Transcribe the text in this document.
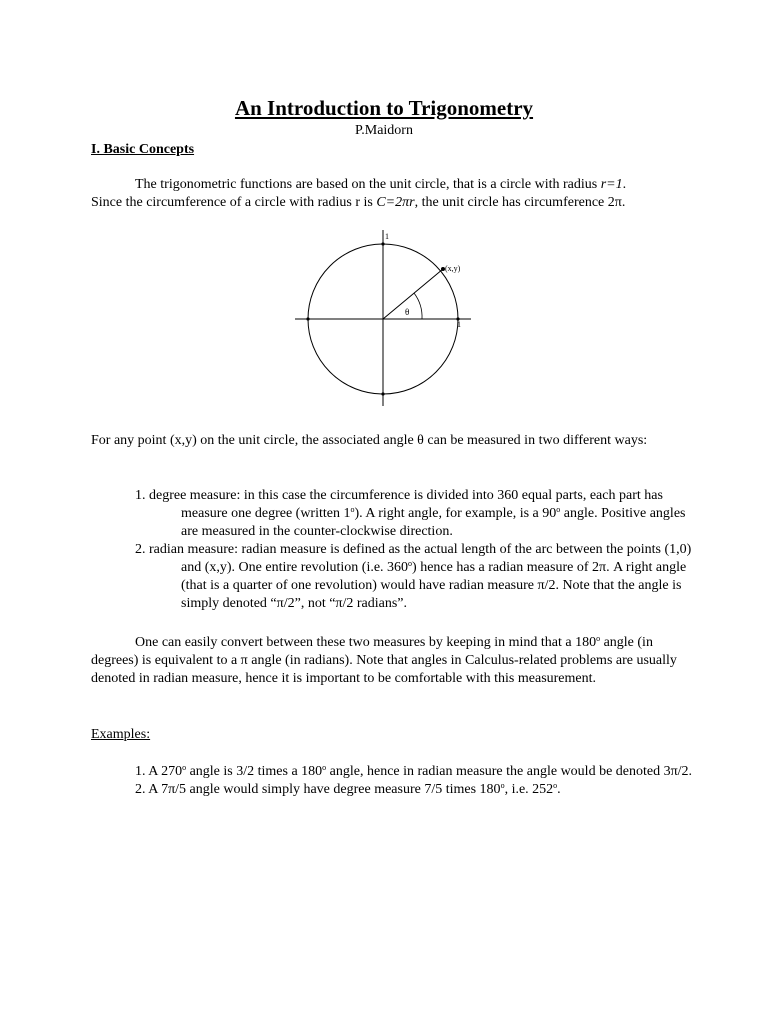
An Introduction to Trigonometry
P.Maidorn
I. Basic Concepts
The trigonometric functions are based on the unit circle, that is a circle with radius r=1.
Since the circumference of a circle with radius r is C=2πr, the unit circle has circumference 2π.
1
1
(x,y)
θ
For any point (x,y) on the unit circle, the associated angle θ can be measured in two different ways:
1. degree measure: in this case the circumference is divided into 360 equal parts, each part has measure one degree (written 1$^o$). A right angle, for example, is a 90$^o$ angle. Positive angles are measured in the counter-clockwise direction.
2. radian measure: radian measure is defined as the actual length of the arc between the points (1,0) and (x,y). One entire revolution (i.e. 360$^o$) hence has a radian measure of 2π. A right angle (that is a quarter of one revolution) would have radian measure π/2. Note that the angle is simply denoted “π/2”, not “π/2 radians”.
One can easily convert between these two measures by keeping in mind that a 180$^o$ angle (in degrees) is equivalent to a π angle (in radians). Note that angles in Calculus-related problems are usually denoted in radian measure, hence it is important to be comfortable with this measurement.
Examples:
1. A 270$^o$ angle is 3/2 times a 180$^o$ angle, hence in radian measure the angle would be denoted 3π/2.
2. A 7π/5 angle would simply have degree measure 7/5 times 180$^o$, i.e. 252$^o$.
